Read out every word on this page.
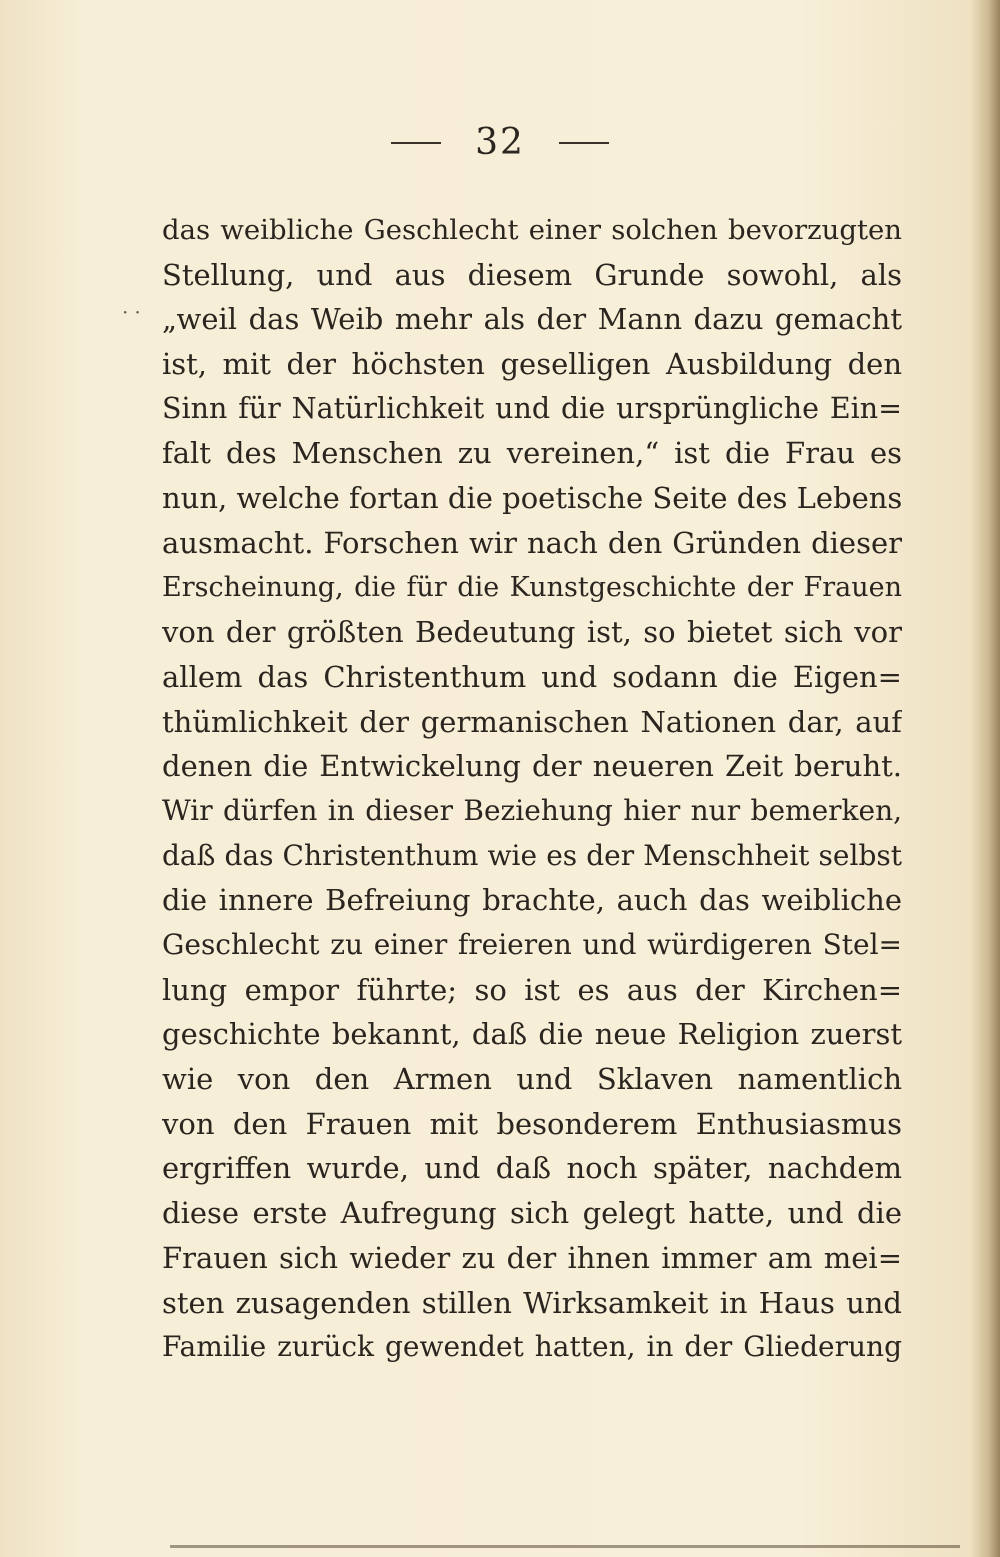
32
··
das weibliche Geschlecht einer solchen bevorzugten
Stellung, und aus diesem Grunde sowohl, als
„weil das Weib mehr als der Mann dazu gemacht
ist, mit der höchsten geselligen Ausbildung den
Sinn für Natürlichkeit und die ursprüngliche Ein=
falt des Menschen zu vereinen,“ ist die Frau es
nun, welche fortan die poetische Seite des Lebens
ausmacht. Forschen wir nach den Gründen dieser
Erscheinung, die für die Kunstgeschichte der Frauen
von der größten Bedeutung ist, so bietet sich vor
allem das Christenthum und sodann die Eigen=
thümlichkeit der germanischen Nationen dar, auf
denen die Entwickelung der neueren Zeit beruht.
Wir dürfen in dieser Beziehung hier nur bemerken,
daß das Christenthum wie es der Menschheit selbst
die innere Befreiung brachte, auch das weibliche
Geschlecht zu einer freieren und würdigeren Stel=
lung empor führte; so ist es aus der Kirchen=
geschichte bekannt, daß die neue Religion zuerst
wie von den Armen und Sklaven namentlich
von den Frauen mit besonderem Enthusiasmus
ergriffen wurde, und daß noch später, nachdem
diese erste Aufregung sich gelegt hatte, und die
Frauen sich wieder zu der ihnen immer am mei=
sten zusagenden stillen Wirksamkeit in Haus und
Familie zurück gewendet hatten, in der Gliederung
